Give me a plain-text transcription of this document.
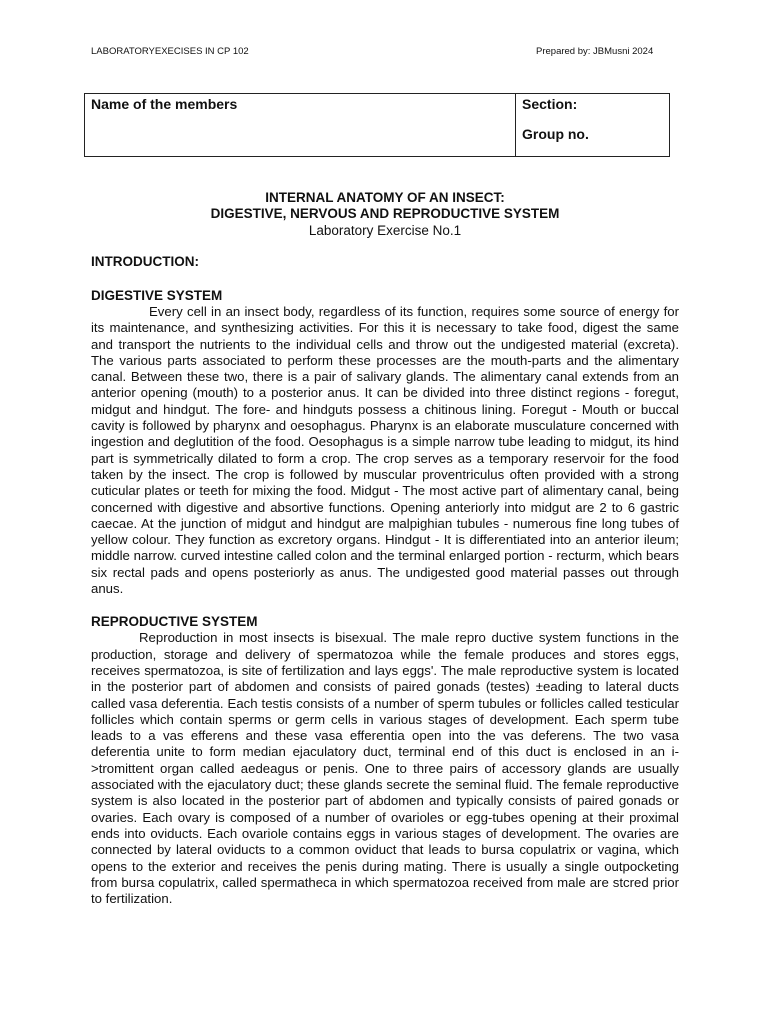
LABORATORYEXECISES IN CP 102	Prepared by: JBMusni 2024
Name of the members	Section:
Group no.
INTERNAL ANATOMY OF AN INSECT:
DIGESTIVE, NERVOUS AND REPRODUCTIVE SYSTEM
Laboratory Exercise No.1
INTRODUCTION:
DIGESTIVE SYSTEM

Every cell in an insect body, regardless of its function, requires some source of energy for its maintenance, and synthesizing activities. For this it is necessary to take food, digest the same and transport the nutrients to the individual cells and throw out the undigested material (excreta). The various parts associated to perform these processes are the mouth-parts and the alimentary canal. Between these two, there is a pair of salivary glands. The alimentary canal extends from an anterior opening (mouth) to a posterior anus. It can be divided into three distinct regions - foregut, midgut and hindgut. The fore- and hindguts possess a chitinous lining. Foregut - Mouth or buccal cavity is followed by pharynx and oesophagus. Pharynx is an elaborate musculature concerned with ingestion and deglutition of the food. Oesophagus is a simple narrow tube leading to midgut, its hind part is symmetrically dilated to form a crop. The crop serves as a temporary reservoir for the food taken by the insect. The crop is followed by muscular proventriculus often provided with a strong cuticular plates or teeth for mixing the food. Midgut - The most active part of alimentary canal, being concerned with digestive and absortive functions. Opening anteriorly into midgut are 2 to 6 gastric caecae. At the junction of midgut and hindgut are malpighian tubules - numerous fine long tubes of yellow colour. They function as excretory organs. Hindgut - It is differentiated into an anterior ileum; middle narrow. curved intestine called colon and the terminal enlarged portion - recturm, which bears six rectal pads and opens posteriorly as anus. The undigested good material passes out through anus.

REPRODUCTIVE SYSTEM

Reproduction in most insects is bisexual. The male repro ductive system functions in the production, storage and delivery of spermatozoa while the female produces and stores eggs, receives spermatozoa, is site of fertilization and lays eggs'. The male reproductive system is located in the posterior part of abdomen and consists of paired gonads (testes) ±eading to lateral ducts called vasa deferentia. Each testis consists of a number of sperm tubules or follicles called testicular follicles which contain sperms or germ cells in various stages of development. Each sperm tube leads to a vas efferens and these vasa efferentia open into the vas deferens. The two vasa deferentia unite to form median ejaculatory duct, terminal end of this duct is enclosed in an i->tromittent organ called aedeagus or penis. One to three pairs of accessory glands are usually associated with the ejaculatory duct; these glands secrete the seminal fluid. The female reproductive system is also located in the posterior part of abdomen and typically consists of paired gonads or ovaries. Each ovary is composed of a number of ovarioles or egg-tubes opening at their proximal ends into oviducts. Each ovariole contains eggs in various stages of development. The ovaries are connected by lateral oviducts to a common oviduct that leads to bursa copulatrix or vagina, which opens to the exterior and receives the penis during mating. There is usually a single outpocketing from bursa copulatrix, called spermatheca in which spermatozoa received from male are stcred prior to fertilization.
